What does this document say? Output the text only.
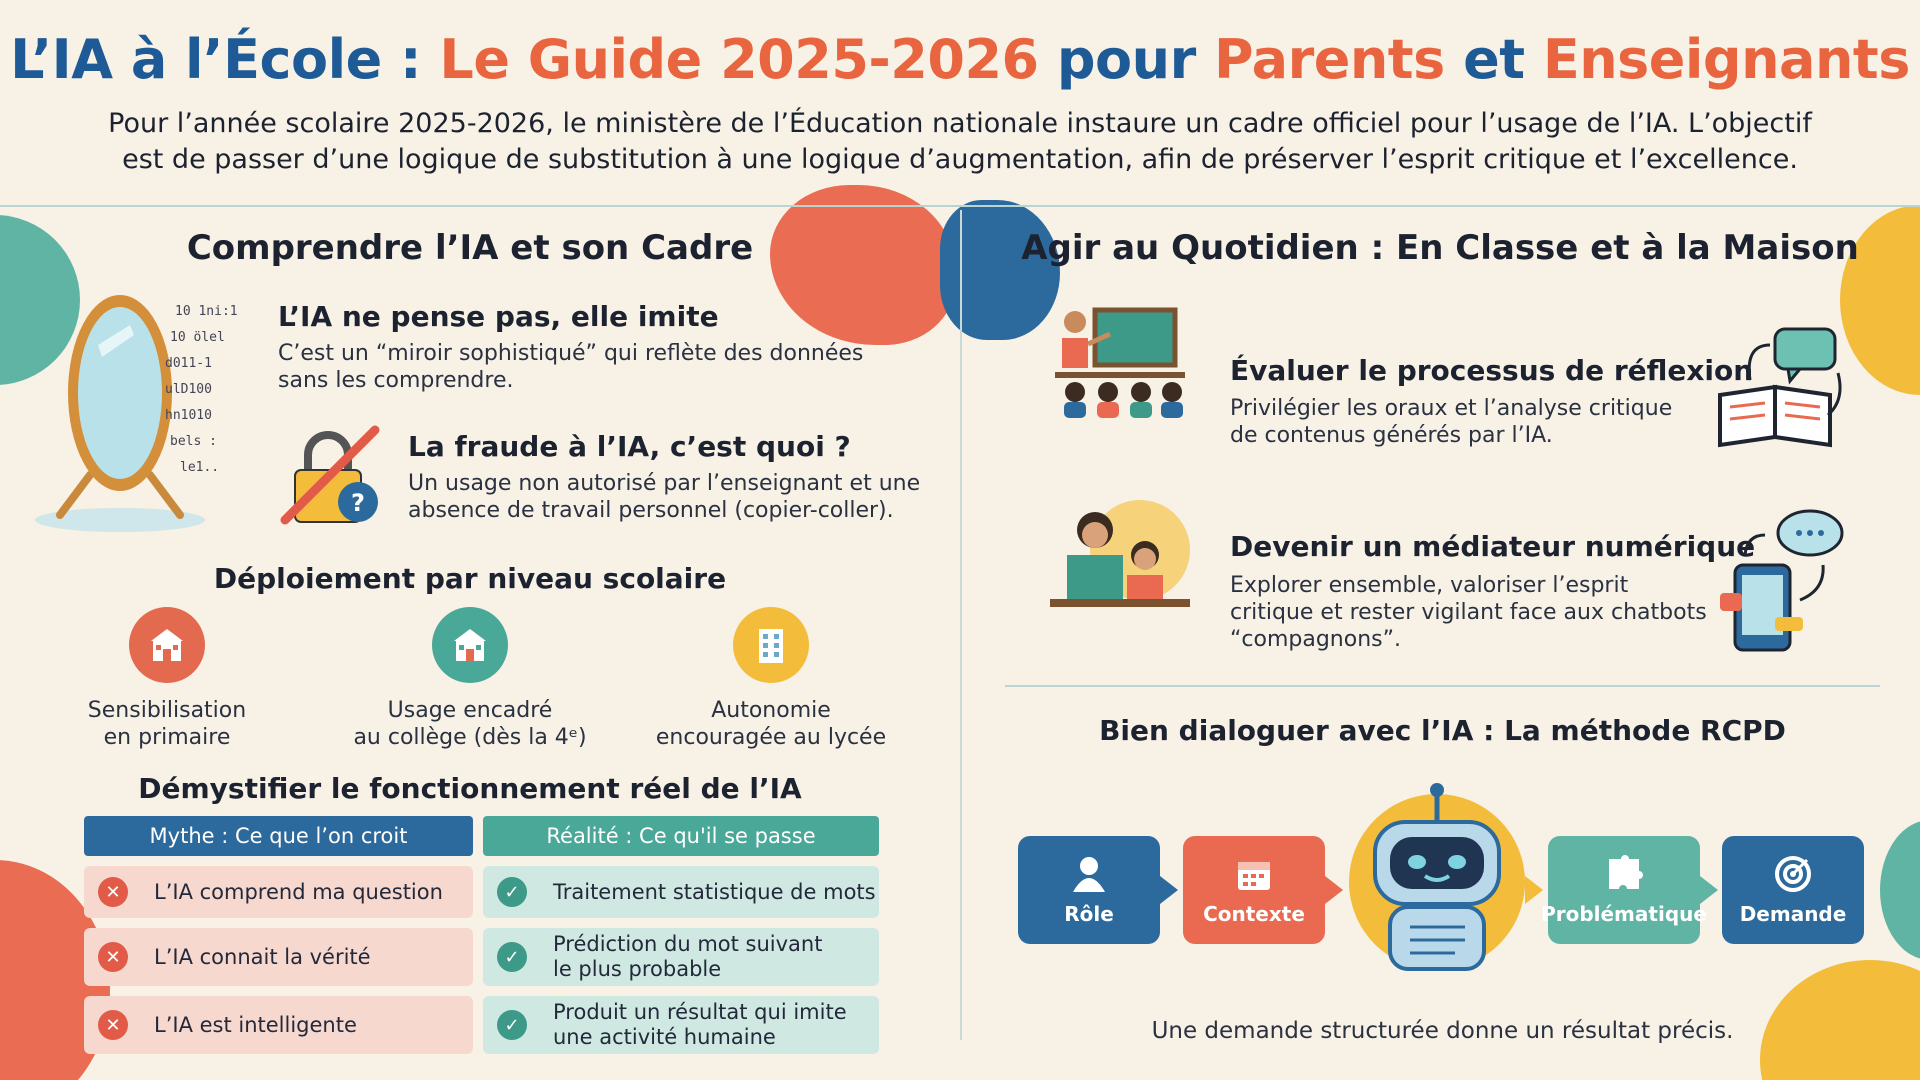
L’IA à l’École : Le Guide 2025-2026 pour Parents et Enseignants
Pour l’année scolaire 2025-2026, le ministère de l’Éducation nationale instaure un cadre officiel pour l’usage de l’IA. L’objectif
est de passer d’une logique de substitution à une logique d’augmentation, afin de préserver l’esprit critique et l’excellence.
Comprendre l’IA et son Cadre
10 1ni:1
10 ölel
d011-1
ulD100
hn1010
bels :
le1..
L’IA ne pense pas, elle imite
C’est un “miroir sophistiqué” qui reflète des données
sans les comprendre.
?
La fraude à l’IA, c’est quoi ?
Un usage non autorisé par l’enseignant et une
absence de travail personnel (copier-coller).
Déploiement par niveau scolaire
Sensibilisation
en primaire
Usage encadré
au collège (dès la 4ᵉ)
Autonomie
encouragée au lycée
Démystifier le fonctionnement réel de l’IA
Mythe : Ce que l’on croit	Réalité : Ce qu'il se passe
✕	L’IA comprend ma question	✓	Traitement statistique de mots
✕	L’IA connait la vérité	✓
Prédiction du mot suivant
le plus probable
✕	L’IA est intelligente	✓
Produit un résultat qui imite
une activité humaine
Agir au Quotidien : En Classe et à la Maison
Évaluer le processus de réflexion
Privilégier les oraux et l’analyse critique
de contenus générés par l’IA.
Devenir un médiateur numérique
Explorer ensemble, valoriser l’esprit
critique et rester vigilant face aux chatbots
“compagnons”.
Bien dialoguer avec l’IA : La méthode RCPD
Rôle	Contexte	Problématique Demande
Une demande structurée donne un résultat précis.
